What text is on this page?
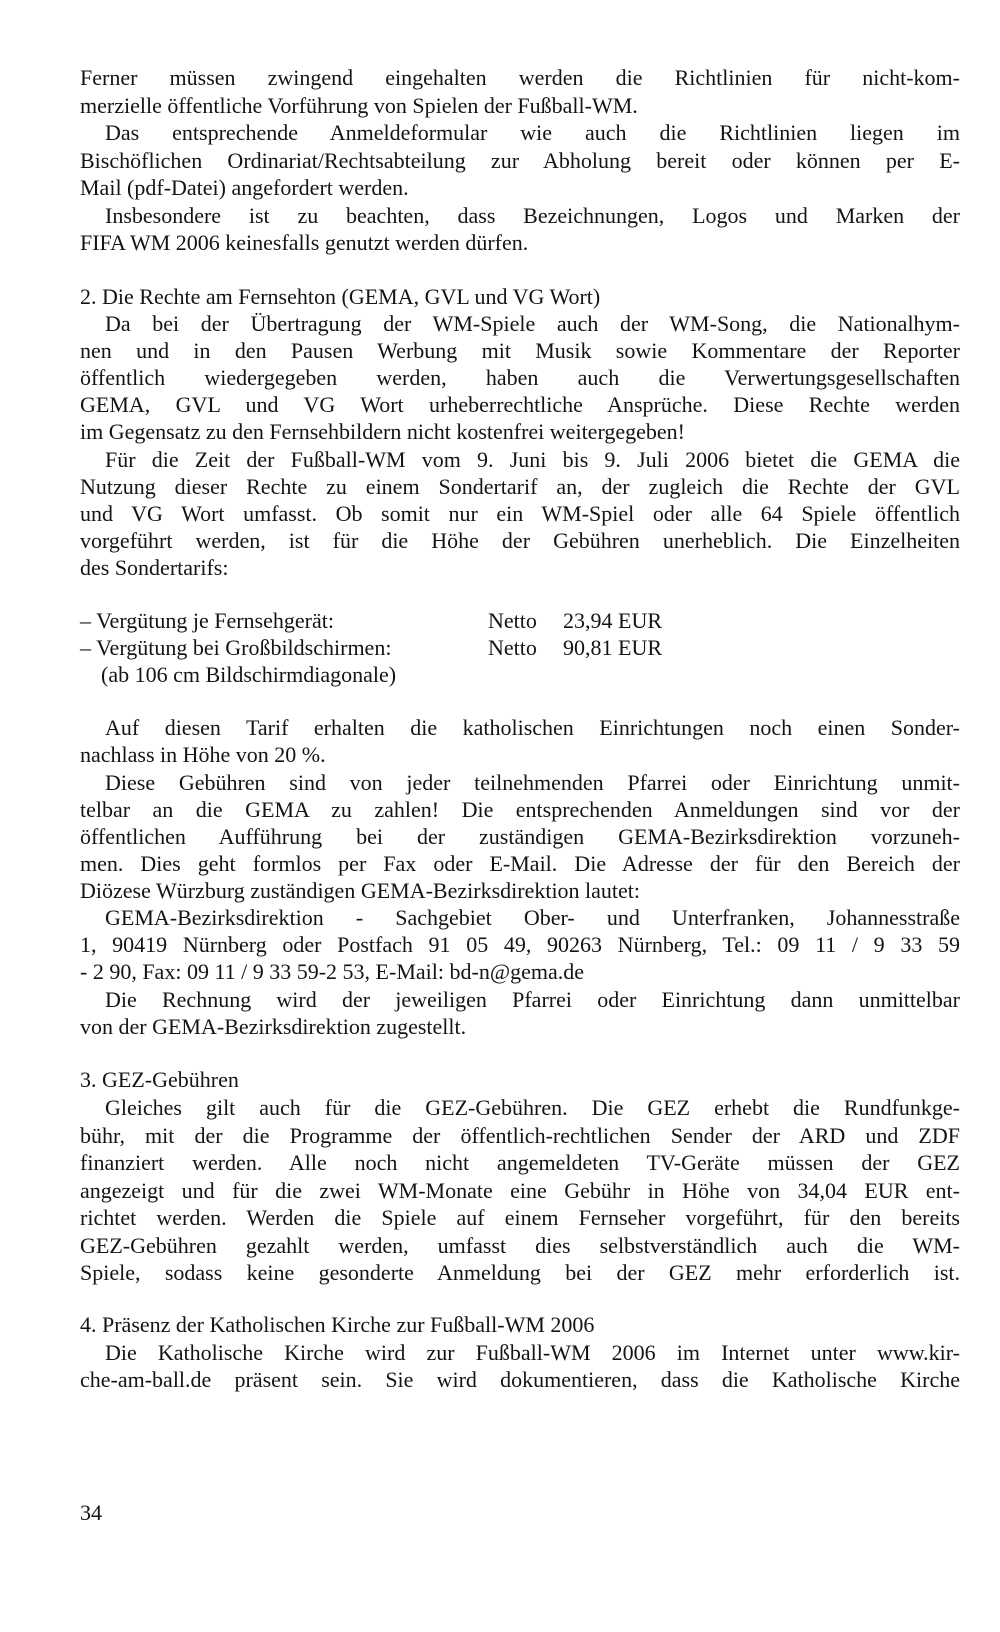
Ferner müssen zwingend eingehalten werden die Richtlinien für nicht-kom-
merzielle öffentliche Vorführung von Spielen der Fußball-WM.
Das entsprechende Anmeldeformular wie auch die Richtlinien liegen im
Bischöflichen Ordinariat/Rechtsabteilung zur Abholung bereit oder können per E-
Mail (pdf-Datei) angefordert werden.
Insbesondere ist zu beachten, dass Bezeichnungen, Logos und Marken der
FIFA WM 2006 keinesfalls genutzt werden dürfen.
2. Die Rechte am Fernsehton (GEMA, GVL und VG Wort)
Da bei der Übertragung der WM-Spiele auch der WM-Song, die Nationalhym-
nen und in den Pausen Werbung mit Musik sowie Kommentare der Reporter
öffentlich wiedergegeben werden, haben auch die Verwertungsgesellschaften
GEMA, GVL und VG Wort urheberrechtliche Ansprüche. Diese Rechte werden
im Gegensatz zu den Fernsehbildern nicht kostenfrei weitergegeben!
Für die Zeit der Fußball-WM vom 9. Juni bis 9. Juli 2006 bietet die GEMA die
Nutzung dieser Rechte zu einem Sondertarif an, der zugleich die Rechte der GVL
und VG Wort umfasst. Ob somit nur ein WM-Spiel oder alle 64 Spiele öffentlich
vorgeführt werden, ist für die Höhe der Gebühren unerheblich. Die Einzelheiten
des Sondertarifs:
– Vergütung je Fernsehgerät:	Netto 23,94 EUR
– Vergütung bei Großbildschirmen:	Netto 90,81 EUR
(ab 106 cm Bildschirmdiagonale)
Auf diesen Tarif erhalten die katholischen Einrichtungen noch einen Sonder-
nachlass in Höhe von 20 %.
Diese Gebühren sind von jeder teilnehmenden Pfarrei oder Einrichtung unmit-
telbar an die GEMA zu zahlen! Die entsprechenden Anmeldungen sind vor der
öffentlichen Aufführung bei der zuständigen GEMA-Bezirksdirektion vorzuneh-
men. Dies geht formlos per Fax oder E-Mail. Die Adresse der für den Bereich der
Diözese Würzburg zuständigen GEMA-Bezirksdirektion lautet:
GEMA-Bezirksdirektion - Sachgebiet Ober- und Unterfranken, Johannesstraße
1, 90419 Nürnberg oder Postfach 91 05 49, 90263 Nürnberg, Tel.: 09 11 / 9 33 59
- 2 90, Fax: 09 11 / 9 33 59-2 53, E-Mail: bd-n@gema.de
Die Rechnung wird der jeweiligen Pfarrei oder Einrichtung dann unmittelbar
von der GEMA-Bezirksdirektion zugestellt.
3. GEZ-Gebühren
Gleiches gilt auch für die GEZ-Gebühren. Die GEZ erhebt die Rundfunkge-
bühr, mit der die Programme der öffentlich-rechtlichen Sender der ARD und ZDF
finanziert werden. Alle noch nicht angemeldeten TV-Geräte müssen der GEZ
angezeigt und für die zwei WM-Monate eine Gebühr in Höhe von 34,04 EUR ent-
richtet werden. Werden die Spiele auf einem Fernseher vorgeführt, für den bereits
GEZ-Gebühren gezahlt werden, umfasst dies selbstverständlich auch die WM-
Spiele, sodass keine gesonderte Anmeldung bei der GEZ mehr erforderlich ist.
4. Präsenz der Katholischen Kirche zur Fußball-WM 2006
Die Katholische Kirche wird zur Fußball-WM 2006 im Internet unter www.kir-
che-am-ball.de präsent sein. Sie wird dokumentieren, dass die Katholische Kirche
34
